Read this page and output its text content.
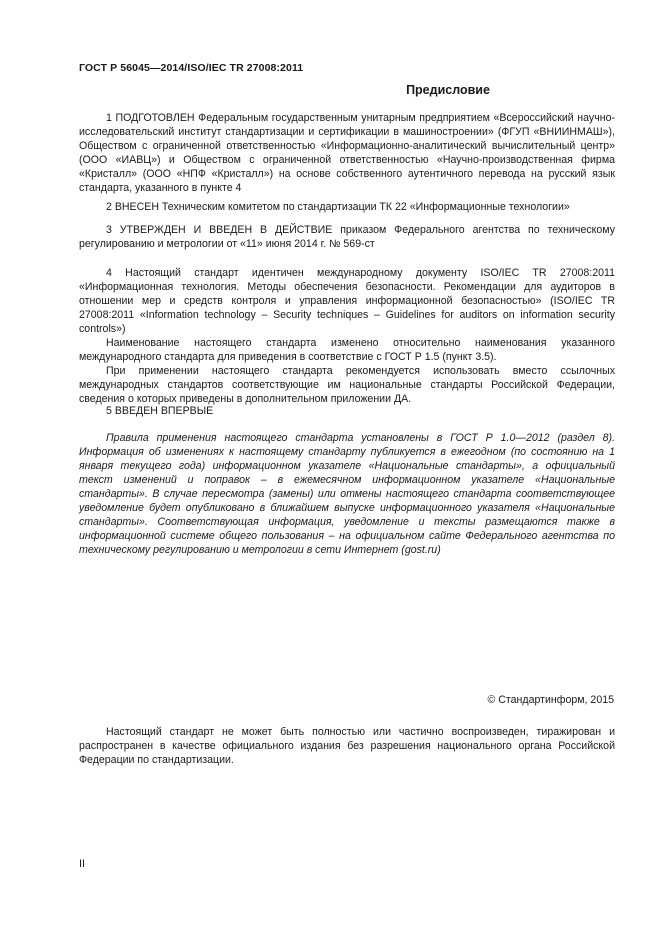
ГОСТ Р 56045—2014/ISO/IEC TR 27008:2011
Предисловие

1 ПОДГОТОВЛЕН Федеральным государственным унитарным предприятием «Всероссийский научно-исследовательский институт стандартизации и сертификации в машиностроении» (ФГУП «ВНИИНМАШ»), Обществом с ограниченной ответственностью «Информационно-аналитический вычислительный центр» (ООО «ИАВЦ») и Обществом с ограниченной ответственностью «Научно-производственная фирма «Кристалл» (ООО «НПФ «Кристалл») на основе собственного аутентичного перевода на русский язык стандарта, указанного в пункте 4

2 ВНЕСЕН Техническим комитетом по стандартизации ТК 22 «Информационные технологии»

3 УТВЕРЖДЕН И ВВЕДЕН В ДЕЙСТВИЕ приказом Федерального агентства по техническому регулированию и метрологии от «11» июня 2014 г. № 569-ст

4 Настоящий стандарт идентичен международному документу ISO/IEC TR 27008:2011 «Информационная технология. Методы обеспечения безопасности. Рекомендации для аудиторов в отношении мер и средств контроля и управления информационной безопасностью» (ISO/IEC TR 27008:2011 «Information technology – Security techniques – Guidelines for auditors on information security controls»)

Наименование настоящего стандарта изменено относительно наименования указанного международного стандарта для приведения в соответствие с ГОСТ Р 1.5 (пункт 3.5).

При применении настоящего стандарта рекомендуется использовать вместо ссылочных международных стандартов соответствующие им национальные стандарты Российской Федерации, сведения о которых приведены в дополнительном приложении ДА.

5 ВВЕДЕН ВПЕРВЫЕ

Правила применения настоящего стандарта установлены в ГОСТ Р 1.0—2012 (раздел 8). Информация об изменениях к настоящему стандарту публикуется в ежегодном (по состоянию на 1 января текущего года) информационном указателе «Национальные стандарты», а официальный текст изменений и поправок – в ежемесячном информационном указателе «Национальные стандарты». В случае пересмотра (замены) или отмены настоящего стандарта соответствующее уведомление будет опубликовано в ближайшем выпуске информационного указателя «Национальные стандарты». Соответствующая информация, уведомление и тексты размещаются также в информационной системе общего пользования – на официальном сайте Федерального агентства по техническому регулированию и метрологии в сети Интернет (gost.ru)

© Стандартинформ, 2015

Настоящий стандарт не может быть полностью или частично воспроизведен, тиражирован и распространен в качестве официального издания без разрешения национального органа Российской Федерации по стандартизации.

II
